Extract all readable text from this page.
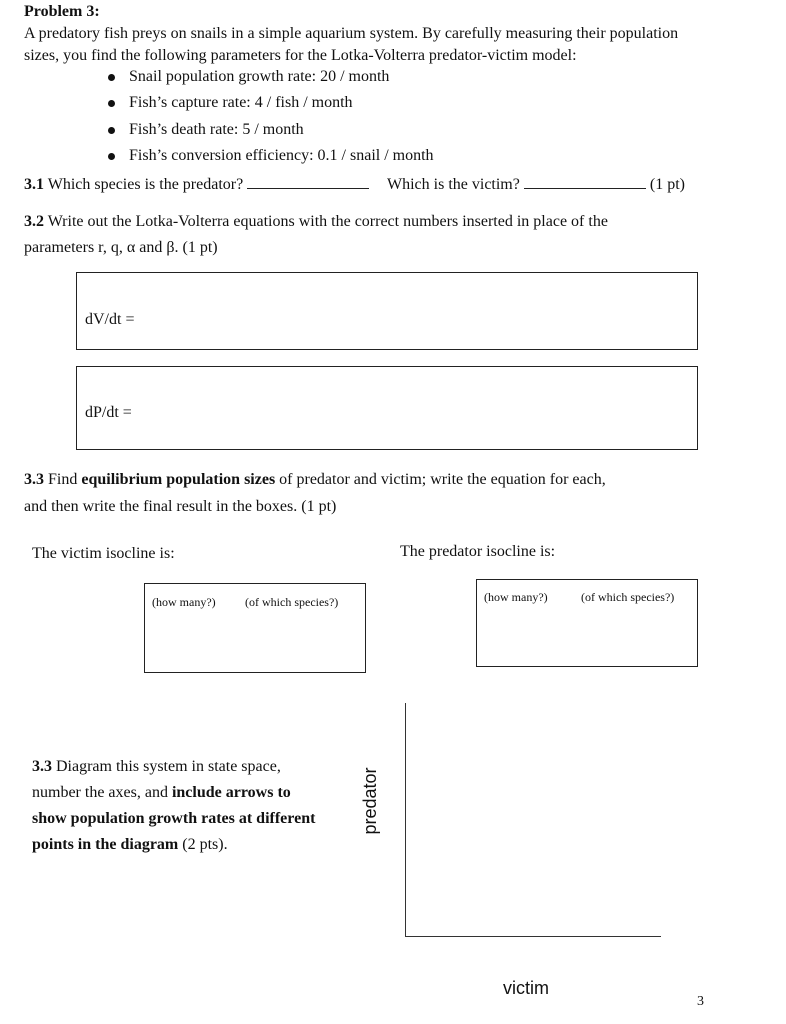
Problem 3:
A predatory fish preys on snails in a simple aquarium system. By carefully measuring their population
sizes, you find the following parameters for the Lotka-Volterra predator-victim model:
Snail population growth rate: 20 / month
Fish’s capture rate: 4 / fish / month
Fish’s death rate: 5 / month
Fish’s conversion efficiency: 0.1 / snail / month
3.1 Which species is the predator?	Which is the victim?	(1 pt)
3.2 Write out the Lotka-Volterra equations with the correct numbers inserted in place of the
parameters r, q, α and β. (1 pt)
dV/dt =
dP/dt =
3.3 Find equilibrium population sizes of predator and victim; write the equation for each,
and then write the final result in the boxes. (1 pt)
The victim isocline is:	The predator isocline is:
(how many?) (of which species?)	(how many?)	(of which species?)
3.3 Diagram this system in state space,
number the axes, and include arrows to
show population growth rates at different
points in the diagram (2 pts).
predator
victim
3
